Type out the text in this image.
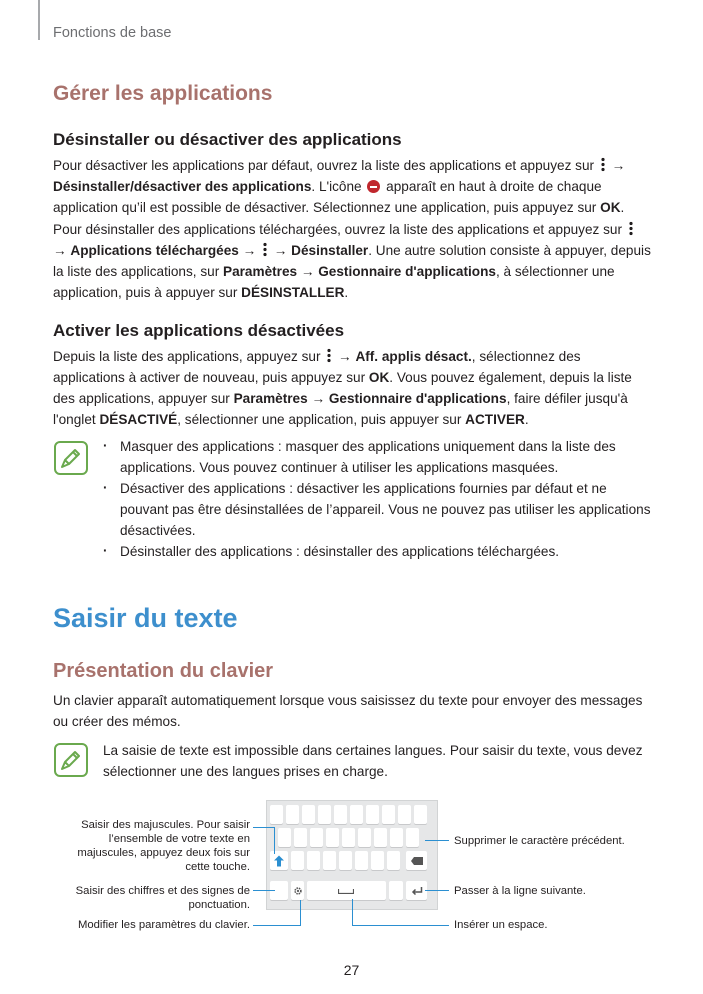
Fonctions de base
Gérer les applications
Désinstaller ou désactiver des applications
Pour désactiver les applications par défaut, ouvrez la liste des applications et appuyez sur  → Désinstaller/désactiver des applications. L'icône  apparaît en haut à droite de chaque application qu’il est possible de désactiver. Sélectionnez une application, puis appuyez sur OK.
Pour désinstaller des applications téléchargées, ouvrez la liste des applications et appuyez sur
→ Applications téléchargées →  → Désinstaller. Une autre solution consiste à appuyer, depuis la liste des applications, sur Paramètres → Gestionnaire d'applications, à sélectionner une application, puis à appuyer sur DÉSINSTALLER.
Activer les applications désactivées
Depuis la liste des applications, appuyez sur  → Aff. applis désact., sélectionnez des applications à activer de nouveau, puis appuyez sur OK. Vous pouvez également, depuis la liste des applications, appuyer sur Paramètres → Gestionnaire d'applications, faire défiler jusqu'à l'onglet DÉSACTIVÉ, sélectionner une application, puis appuyer sur ACTIVER.
· Masquer des applications : masquer des applications uniquement dans la liste des applications. Vous pouvez continuer à utiliser les applications masquées.
· Désactiver des applications : désactiver les applications fournies par défaut et ne pouvant pas être désinstallées de l’appareil. Vous ne pouvez pas utiliser les applications désactivées.
· Désinstaller des applications : désinstaller des applications téléchargées.
Saisir du texte
Présentation du clavier
Un clavier apparaît automatiquement lorsque vous saisissez du texte pour envoyer des messages ou créer des mémos.
La saisie de texte est impossible dans certaines langues. Pour saisir du texte, vous devez sélectionner une des langues prises en charge.
Saisir des majuscules. Pour saisir l’ensemble de votre texte en majuscules, appuyez deux fois sur cette touche.
Saisir des chiffres et des signes de ponctuation.
Modifier les paramètres du clavier.
Supprimer le caractère précédent.
Passer à la ligne suivante.
Insérer un espace.
27
